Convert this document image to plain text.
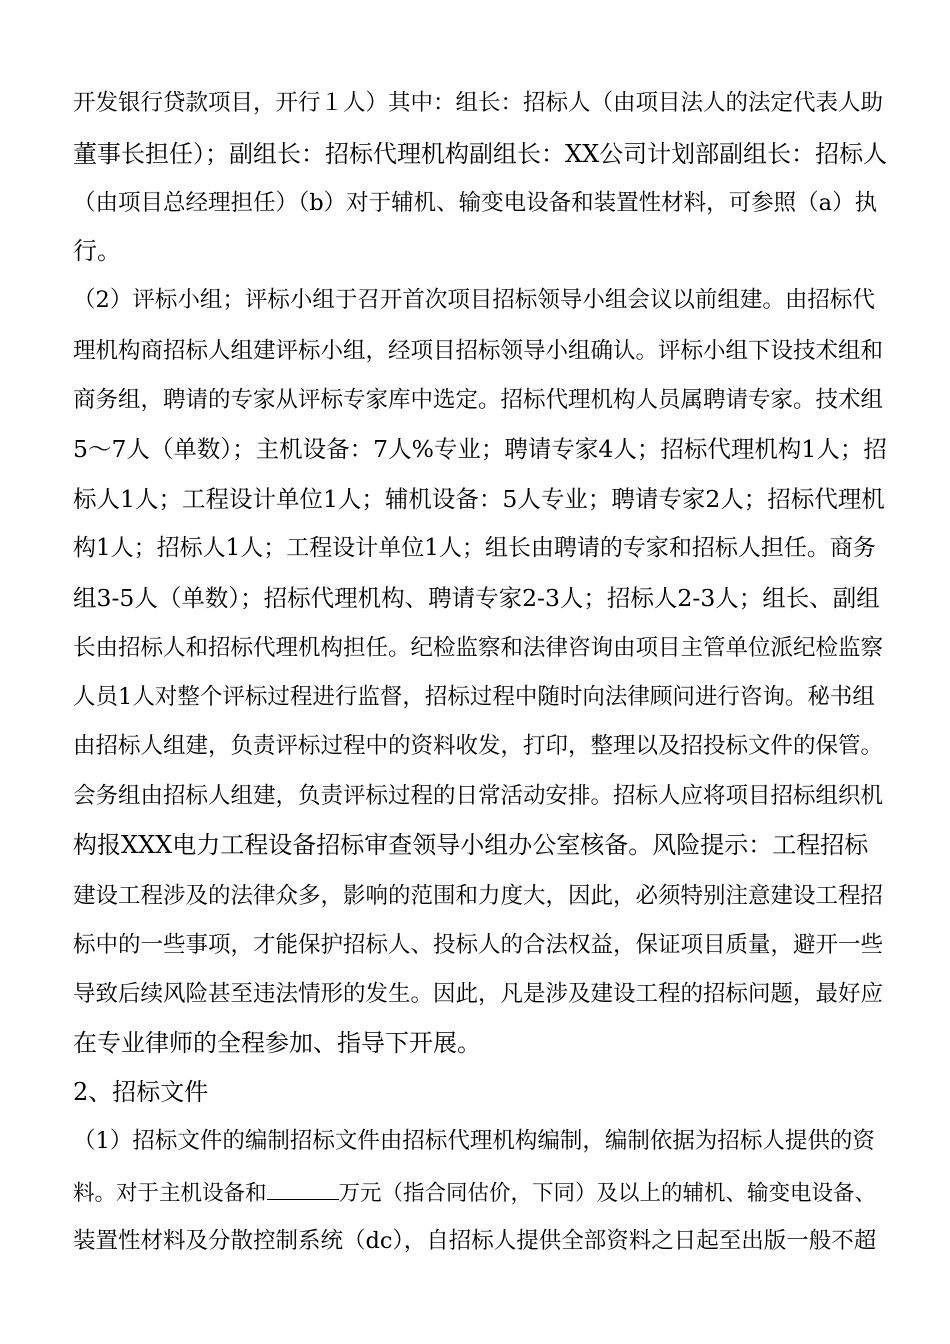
开发银行贷款项目，开行１人）其中：组长：招标人（由项目法人的法定代表人助
董事长担任）；副组长：招标代理机构副组长：XX公司计划部副组长：招标人
（由项目总经理担任）（b）对于辅机、输变电设备和装置性材料，可参照（a）执
行。
（2）评标小组；评标小组于召开首次项目招标领导小组会议以前组建。由招标代
理机构商招标人组建评标小组，经项目招标领导小组确认。评标小组下设技术组和
商务组，聘请的专家从评标专家库中选定。招标代理机构人员属聘请专家。技术组
5～7人（单数）；主机设备：7人%专业；聘请专家4人；招标代理机构1人；招
标人1人；工程设计单位1人；辅机设备：5人专业；聘请专家2人；招标代理机
构1人；招标人1人；工程设计单位1人；组长由聘请的专家和招标人担任。商务
组3-5人（单数）；招标代理机构、聘请专家2-3人；招标人2-3人；组长、副组
长由招标人和招标代理机构担任。纪检监察和法律咨询由项目主管单位派纪检监察
人员1人对整个评标过程进行监督，招标过程中随时向法律顾问进行咨询。秘书组
由招标人组建，负责评标过程中的资料收发，打印，整理以及招投标文件的保管。
会务组由招标人组建，负责评标过程的日常活动安排。招标人应将项目招标组织机
构报XXX电力工程设备招标审查领导小组办公室核备。风险提示：工程招标
建设工程涉及的法律众多，影响的范围和力度大，因此，必须特别注意建设工程招
标中的一些事项，才能保护招标人、投标人的合法权益，保证项目质量，避开一些
导致后续风险甚至违法情形的发生。因此，凡是涉及建设工程的招标问题，最好应
在专业律师的全程参加、指导下开展。
2、招标文件
（1）招标文件的编制招标文件由招标代理机构编制，编制依据为招标人提供的资
料。对于主机设备和	万元（指合同估价，下同）及以上的辅机、输变电设备、
装置性材料及分散控制系统（dc），自招标人提供全部资料之日起至出版一般不超
